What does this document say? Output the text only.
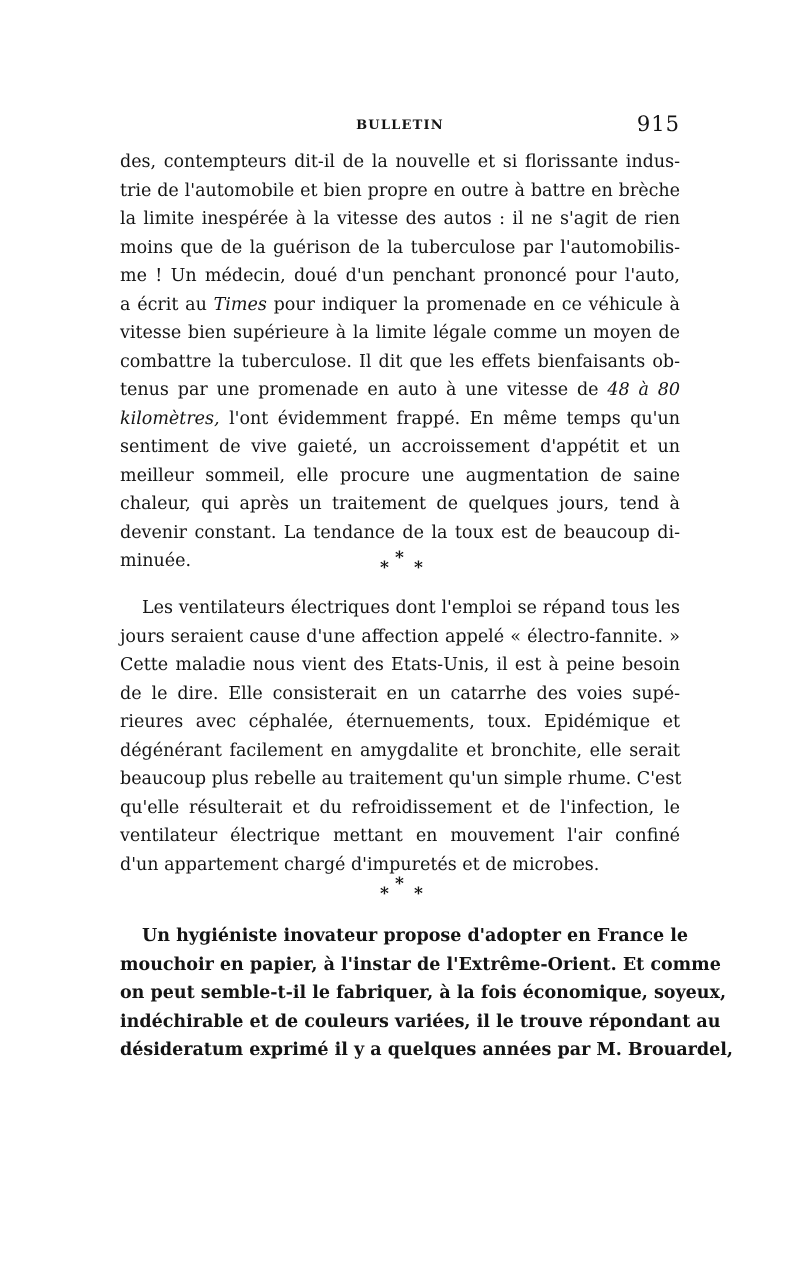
BULLETIN	915
des, contempteurs dit-il de la nouvelle et si florissante indus-
trie de l'automobile et bien propre en outre à battre en brèche
la limite inespérée à la vitesse des autos : il ne s'agit de rien
moins que de la guérison de la tuberculose par l'automobilis-
me ! Un médecin, doué d'un penchant prononcé pour l'auto,
a écrit au Times pour indiquer la promenade en ce véhicule à
vitesse bien supérieure à la limite légale comme un moyen de
combattre la tuberculose. Il dit que les effets bienfaisants ob-
tenus par une promenade en auto à une vitesse de 48 à 80
kilomètres, l'ont évidemment frappé. En même temps qu'un
sentiment de vive gaieté, un accroissement d'appétit et un
meilleur sommeil, elle procure une augmentation de saine
chaleur, qui après un traitement de quelques jours, tend à
devenir constant. La tendance de la toux est de beaucoup di-
minuée.	*
* *
Les ventilateurs électriques dont l'emploi se répand tous les
jours seraient cause d'une affection appelé « électro-fannite. »
Cette maladie nous vient des Etats-Unis, il est à peine besoin
de le dire. Elle consisterait en un catarrhe des voies supé-
rieures avec céphalée, éternuements, toux. Epidémique et
dégénérant facilement en amygdalite et bronchite, elle serait
beaucoup plus rebelle au traitement qu'un simple rhume. C'est
qu'elle résulterait et du refroidissement et de l'infection, le
ventilateur électrique mettant en mouvement l'air confiné
d'un appartement chargé d'impuretés et de microbes.
*
* *
Un hygiéniste inovateur propose d'adopter en France le
mouchoir en papier, à l'instar de l'Extrême-Orient. Et comme
on peut semble-t-il le fabriquer, à la fois économique, soyeux,
indéchirable et de couleurs variées, il le trouve répondant au
désideratum exprimé il y a quelques années par M. Brouardel,
